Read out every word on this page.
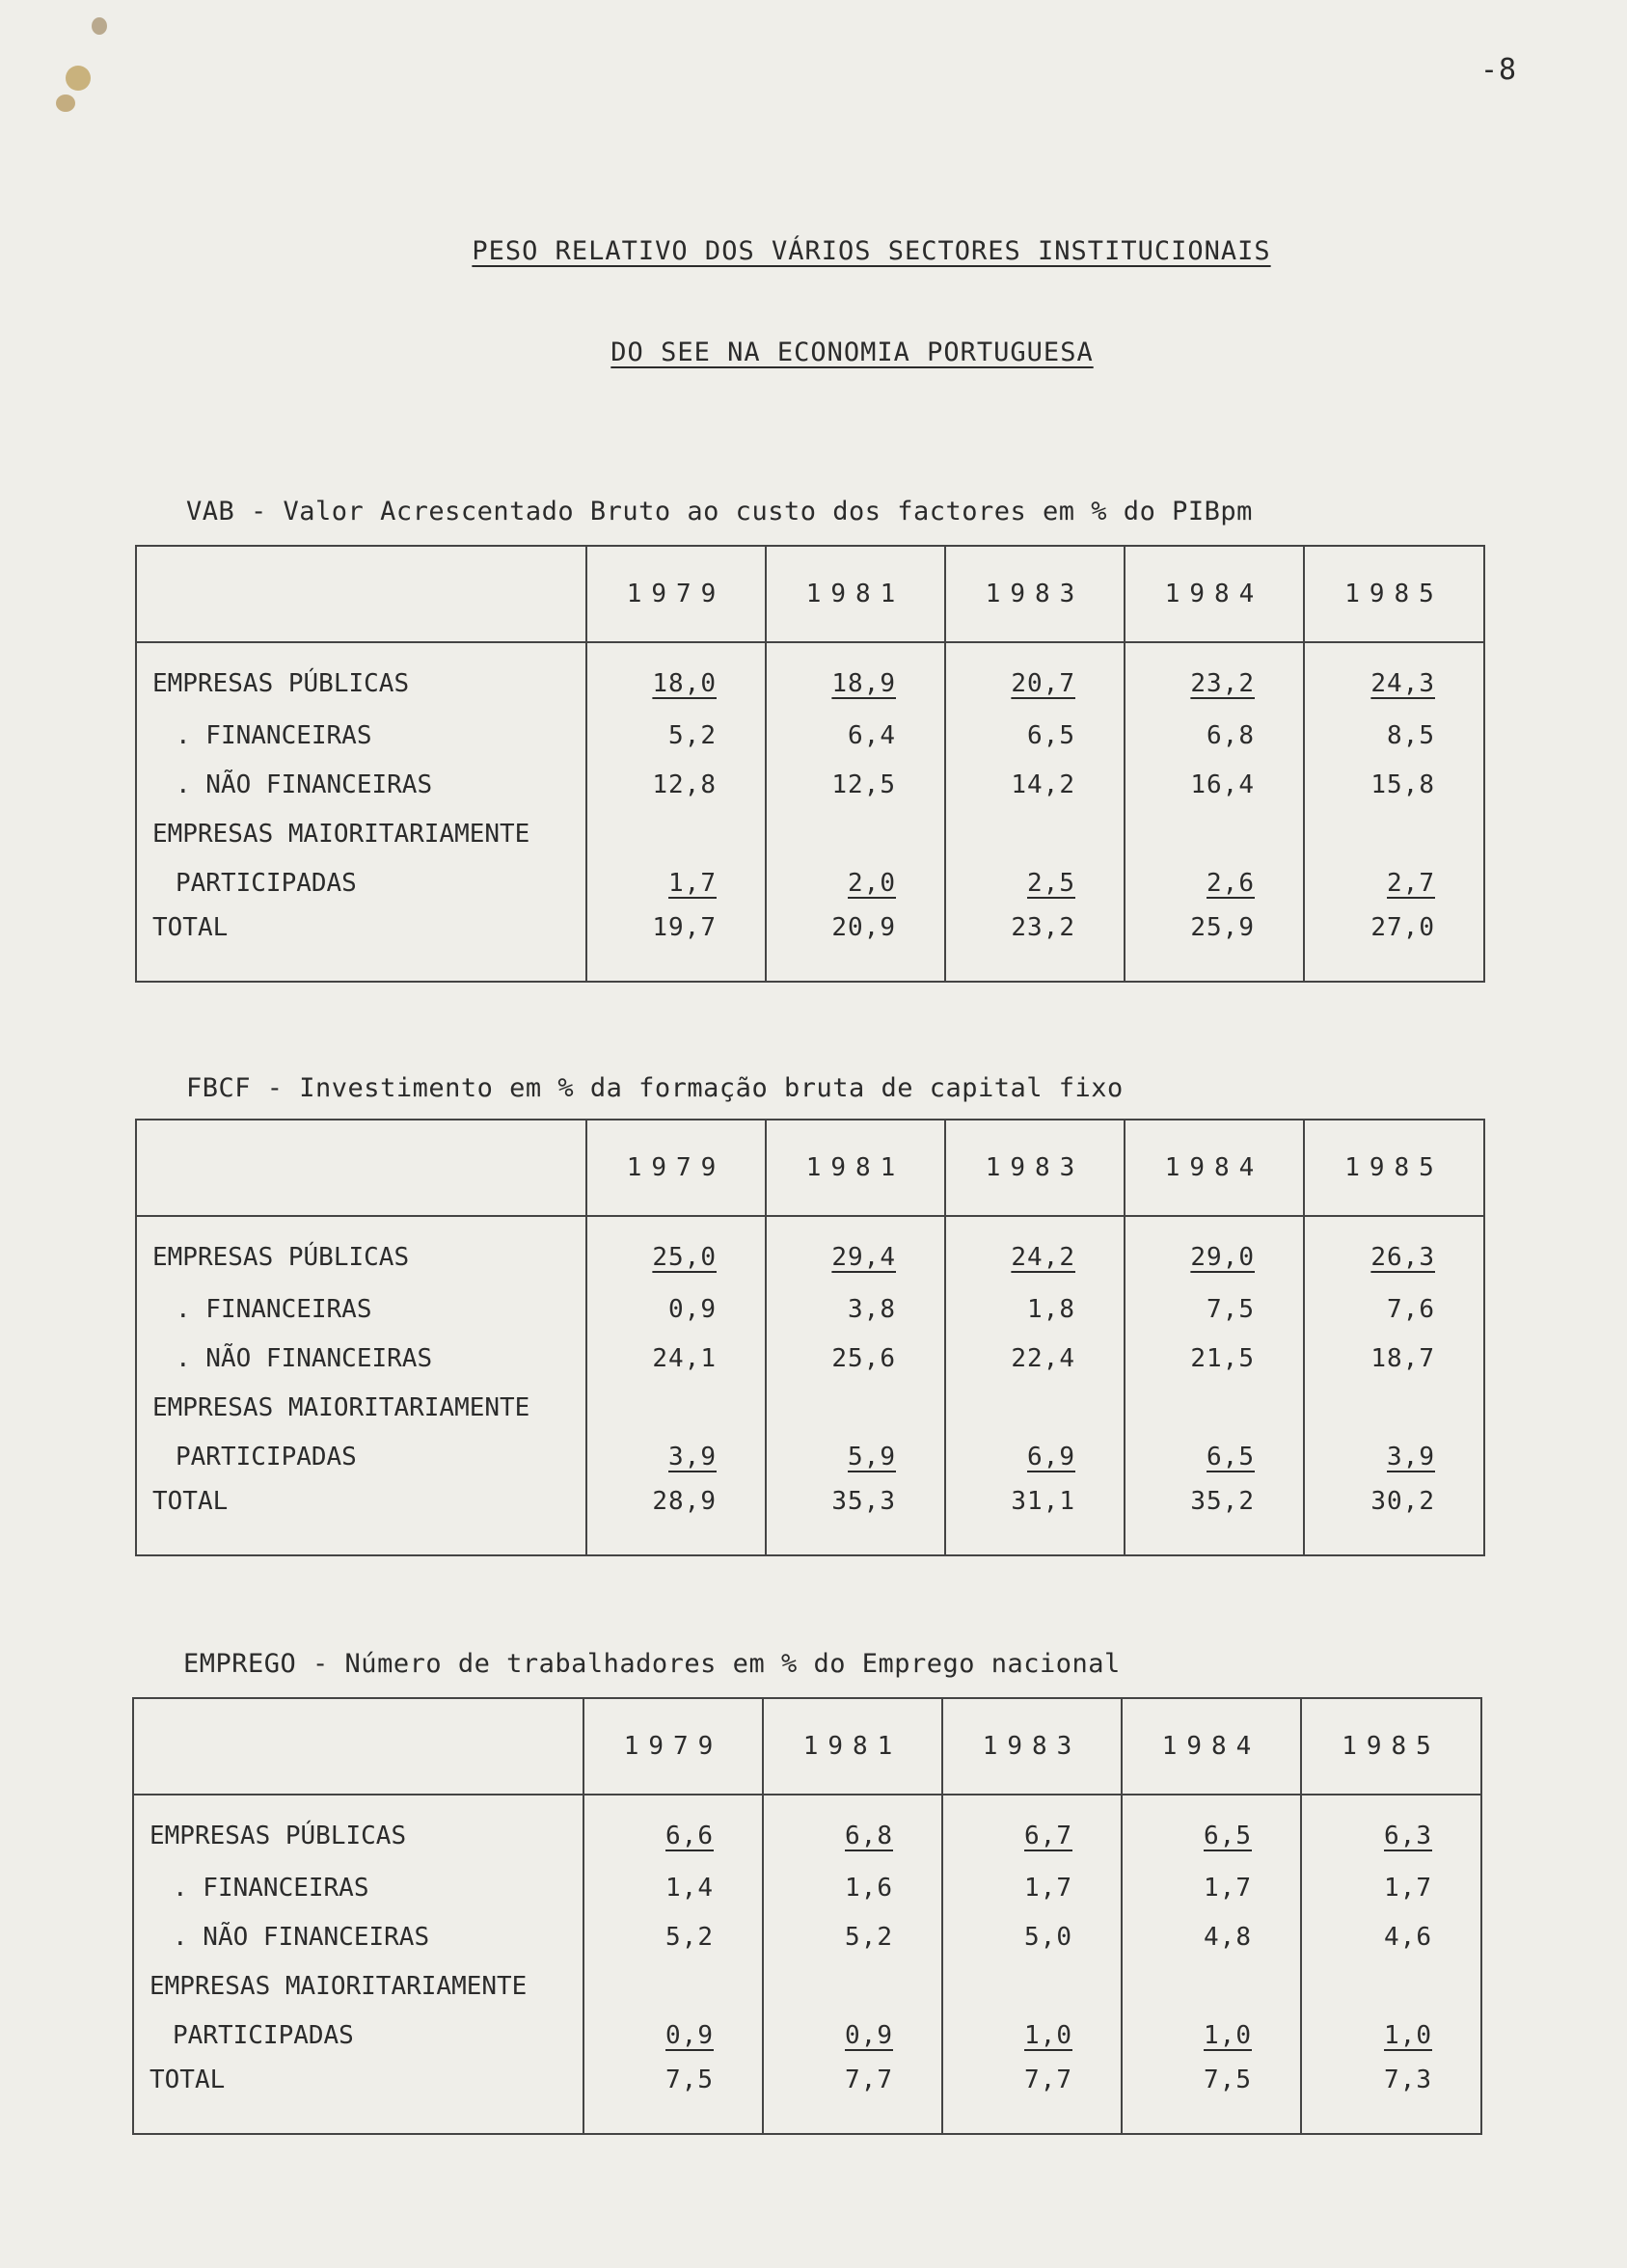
-8
PESO RELATIVO DOS VÁRIOS SECTORES INSTITUCIONAIS
DO SEE NA ECONOMIA PORTUGUESA
VAB - Valor Acrescentado Bruto ao custo dos factores em % do PIBpm
	1979	1981	1983	1984	1985
EMPRESAS PÚBLICAS	18,0	18,9	20,7	23,2	24,3
. FINANCEIRAS	5,2	6,4	6,5	6,8	8,5
. NÃO FINANCEIRAS	12,8	12,5	14,2	16,4	15,8
EMPRESAS MAIORITARIAMENTE					
PARTICIPADAS	1,7	2,0	2,5	2,6	2,7
TOTAL	19,7	20,9	23,2	25,9	27,0
FBCF - Investimento em % da formação bruta de capital fixo
	1979	1981	1983	1984	1985
EMPRESAS PÚBLICAS	25,0	29,4	24,2	29,0	26,3
. FINANCEIRAS	0,9	3,8	1,8	7,5	7,6
. NÃO FINANCEIRAS	24,1	25,6	22,4	21,5	18,7
EMPRESAS MAIORITARIAMENTE					
PARTICIPADAS	3,9	5,9	6,9	6,5	3,9
TOTAL	28,9	35,3	31,1	35,2	30,2
EMPREGO - Número de trabalhadores em % do Emprego nacional
	1979	1981	1983	1984	1985
EMPRESAS PÚBLICAS	6,6	6,8	6,7	6,5	6,3
. FINANCEIRAS	1,4	1,6	1,7	1,7	1,7
. NÃO FINANCEIRAS	5,2	5,2	5,0	4,8	4,6
EMPRESAS MAIORITARIAMENTE					
PARTICIPADAS	0,9	0,9	1,0	1,0	1,0
TOTAL	7,5	7,7	7,7	7,5	7,3
